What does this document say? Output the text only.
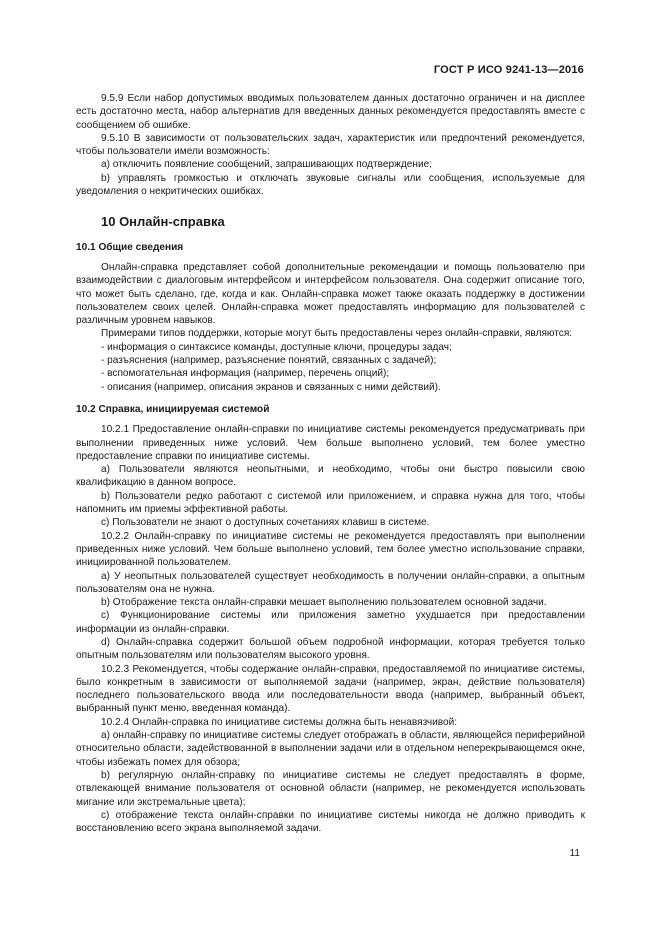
ГОСТ Р ИСО 9241-13—2016

9.5.9 Если набор допустимых вводимых пользователем данных достаточно ограничен и на дисплее есть достаточно места, набор альтернатив для введенных данных рекомендуется предоставлять вместе с сообщением об ошибке.

9.5.10 В зависимости от пользовательских задач, характеристик или предпочтений рекомендуется, чтобы пользователи имели возможность:

a) отключить появление сообщений, запрашивающих подтверждение;

b) управлять громкостью и отключать звуковые сигналы или сообщения, используемые для уведомления о некритических ошибках.

10 Онлайн-справка

10.1 Общие сведения

Онлайн-справка представляет собой дополнительные рекомендации и помощь пользователю при взаимодействии с диалоговым интерфейсом и интерфейсом пользователя. Она содержит описание того, что может быть сделано, где, когда и как. Онлайн-справка может также оказать поддержку в достижении пользователем своих целей. Онлайн-справка может предоставлять информацию для пользователей с различным уровнем навыков.

Примерами типов поддержки, которые могут быть предоставлены через онлайн-справки, являются:

- информация о синтаксисе команды, доступные ключи, процедуры задач;

- разъяснения (например, разъяснение понятий, связанных с задачей);

- вспомогательная информация (например, перечень опций);

- описания (например, описания экранов и связанных с ними действий).

10.2 Справка, инициируемая системой

10.2.1 Предоставление онлайн-справки по инициативе системы рекомендуется предусматривать при выполнении приведенных ниже условий. Чем больше выполнено условий, тем более уместно предоставление справки по инициативе системы.

a) Пользователи являются неопытными, и необходимо, чтобы они быстро повысили свою квалификацию в данном вопросе.

b) Пользователи редко работают с системой или приложением, и справка нужна для того, чтобы напомнить им приемы эффективной работы.

c) Пользователи не знают о доступных сочетаниях клавиш в системе.

10.2.2 Онлайн-справку по инициативе системы не рекомендуется предоставлять при выполнении приведенных ниже условий. Чем больше выполнено условий, тем более уместно использование справки, инициированной пользователем.

a) У неопытных пользователей существует необходимость в получении онлайн-справки, а опытным пользователям она не нужна.

b) Отображение текста онлайн-справки мешает выполнению пользователем основной задачи.

c) Функционирование системы или приложения заметно ухудшается при предоставлении информации из онлайн-справки.

d) Онлайн-справка содержит большой объем подробной информации, которая требуется только опытным пользователям или пользователям высокого уровня.

10.2.3 Рекомендуется, чтобы содержание онлайн-справки, предоставляемой по инициативе системы, было конкретным в зависимости от выполняемой задачи (например, экран, действие пользователя) последнего пользовательского ввода или последовательности ввода (например, выбранный объект, выбранный пункт меню, введенная команда).

10.2.4 Онлайн-справка по инициативе системы должна быть ненавязчивой:

a) онлайн-справку по инициативе системы следует отображать в области, являющейся периферийной относительно области, задействованной в выполнении задачи или в отдельном неперекрывающемся окне, чтобы избежать помех для обзора;

b) регулярную онлайн-справку по инициативе системы не следует предоставлять в форме, отвлекающей внимание пользователя от основной области (например, не рекомендуется использовать мигание или экстремальные цвета);

c) отображение текста онлайн-справки по инициативе системы никогда не должно приводить к восстановлению всего экрана выполняемой задачи.

11
